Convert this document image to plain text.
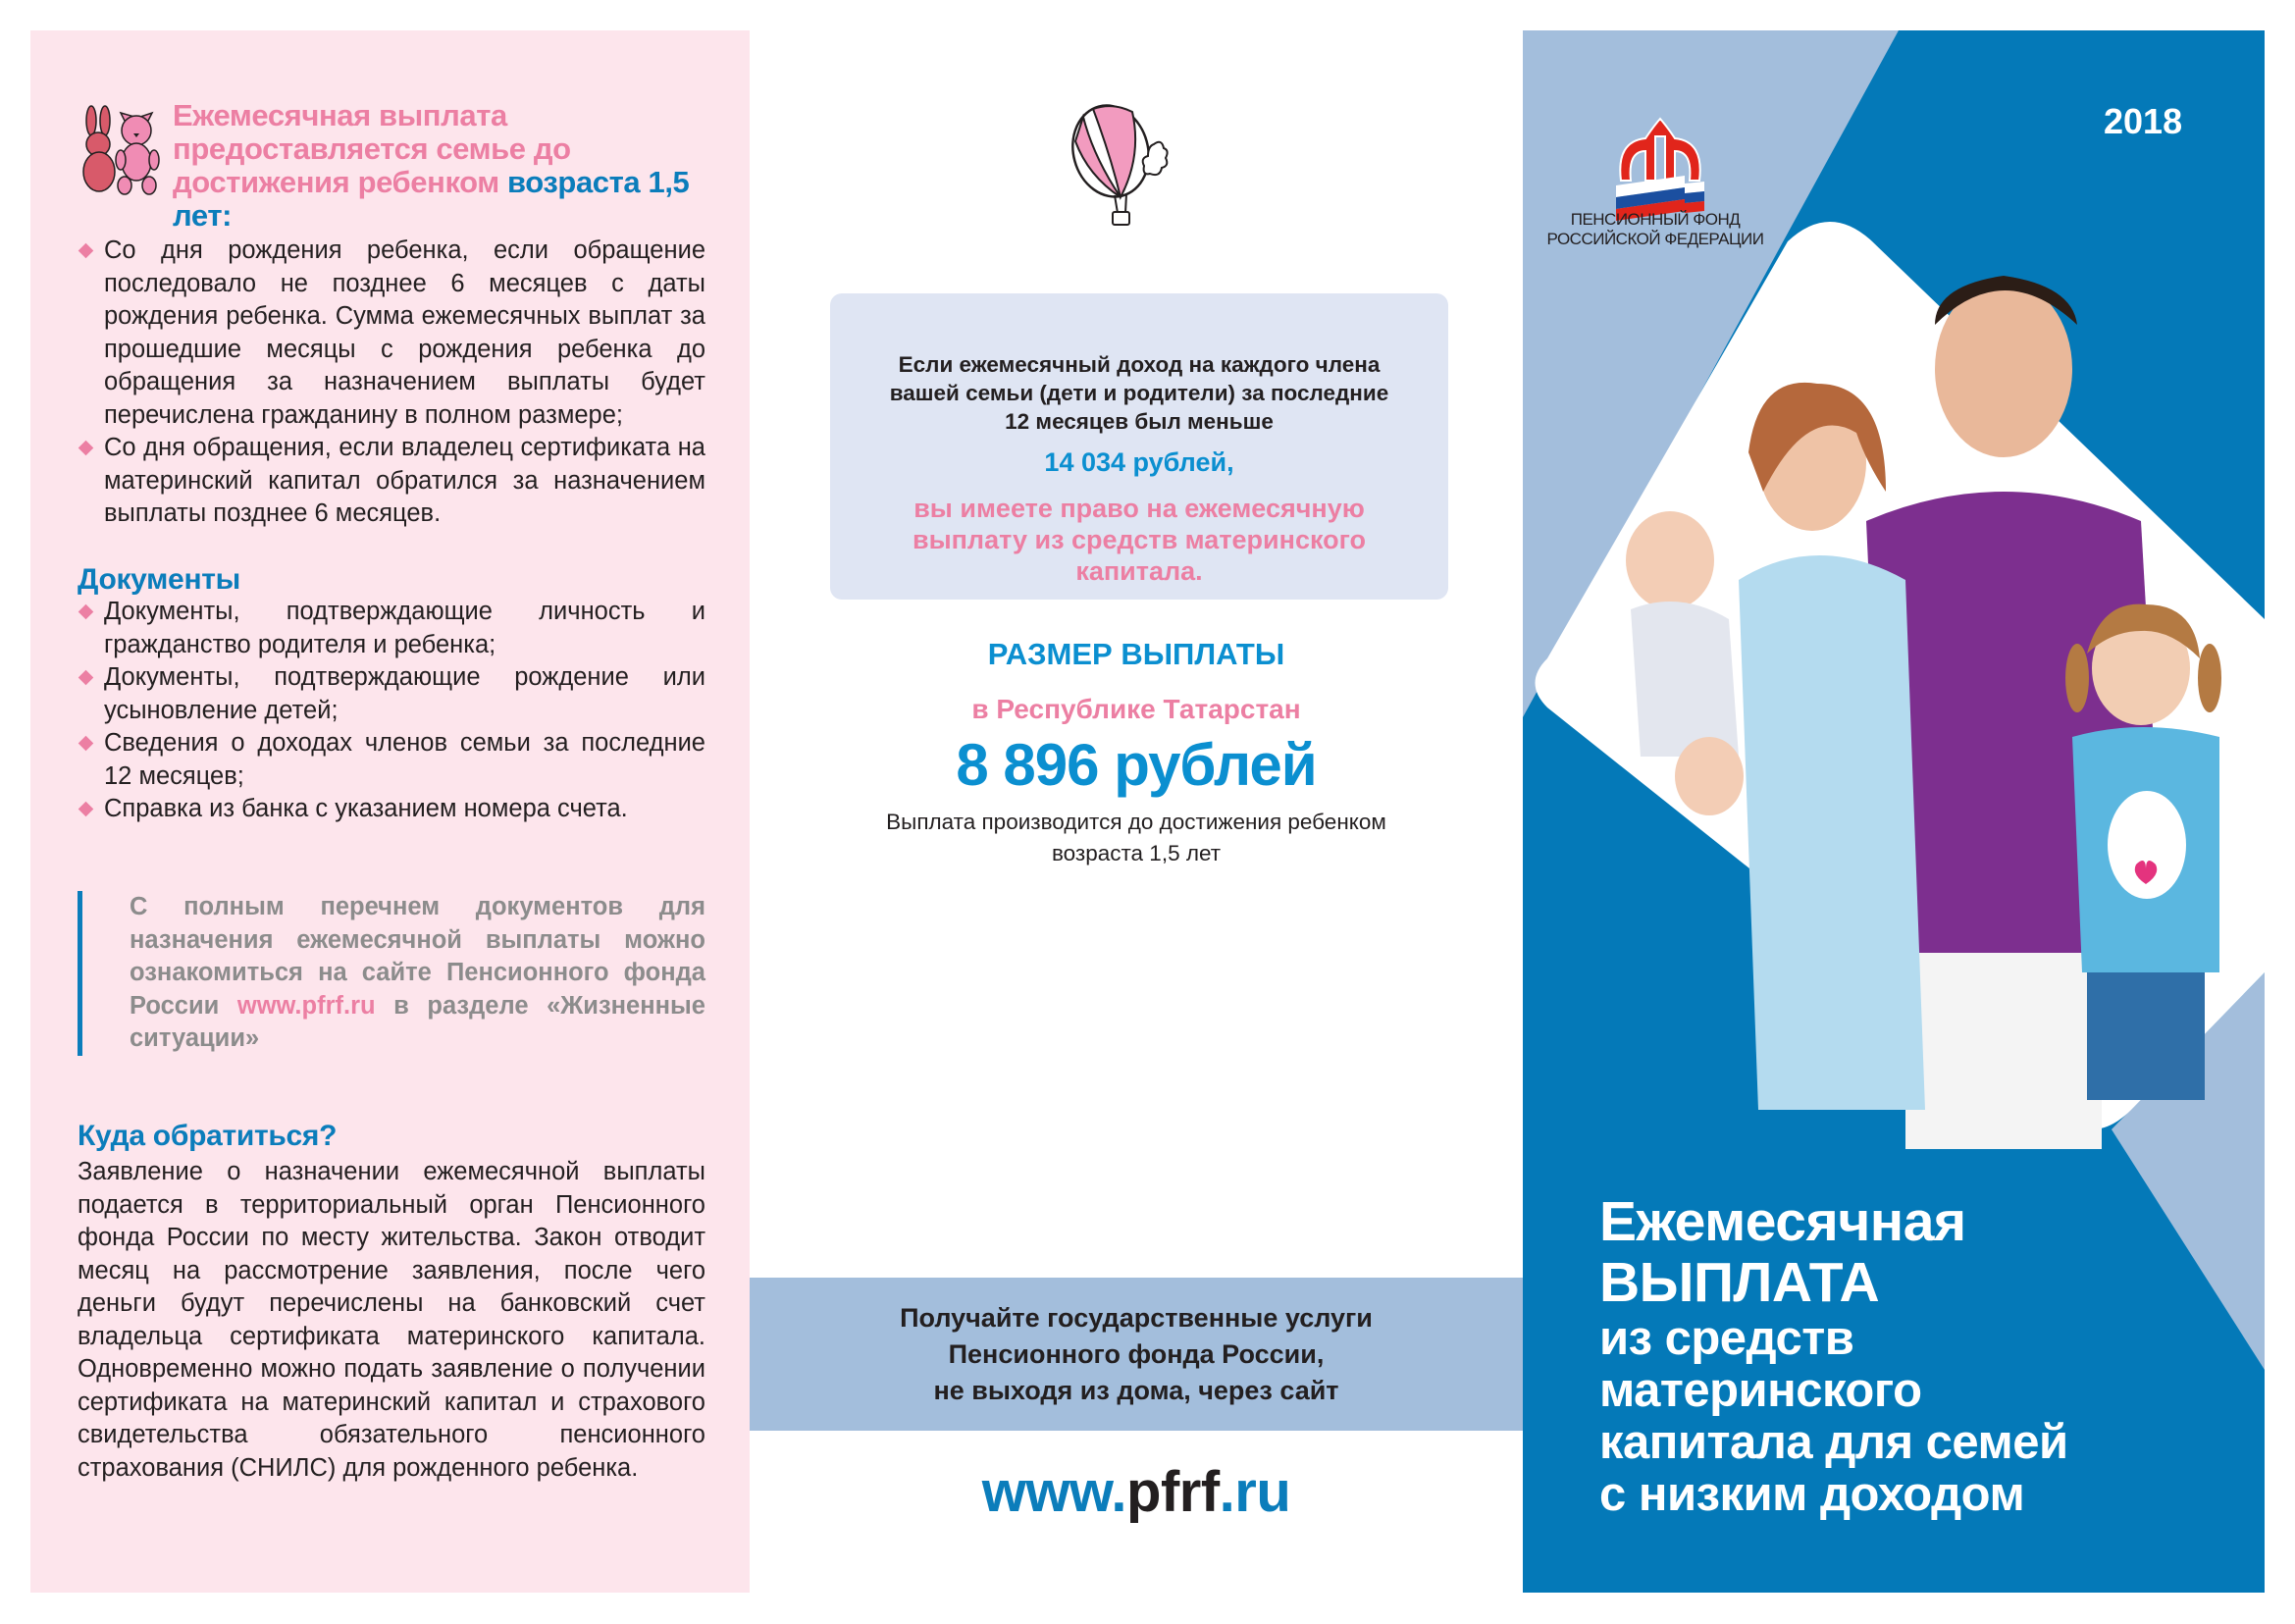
Ежемесячная выплата предоставляется семье до достижения ребенком возраста 1,5 лет:

Со дня рождения ребенка, если обращение последовало не позднее 6 месяцев с даты рождения ребенка. Сумма ежемесячных выплат за прошедшие месяцы с рождения ребенка до обращения за назначением выплаты будет перечислена гражданину в полном размере;
Со дня обращения, если владелец сертификата на материнский капитал обратился за назначением выплаты позднее 6 месяцев.
Документы
Документы, подтверждающие личность и гражданство родителя и ребенка;
Документы, подтверждающие рождение или усыновление детей;
Сведения о доходах членов семьи за последние 12 месяцев;
Справка из банка с указанием номера счета.

С полным перечнем документов для назначения ежемесячной выплаты можно ознакомиться на сайте Пенсионного фонда России www.pfrf.ru в разделе «Жизненные ситуации»

Куда обратиться?

Заявление о назначении ежемесячной выплаты подается в территориальный орган Пенсионного фонда России по месту жительства. Закон отводит месяц на рассмотрение заявления, после чего деньги будут перечислены на банковский счет владельца сертификата материнского капитала. Одновременно можно подать заявление о получении сертификата на материнский капитал и страхового свидетельства обязательного пенсионного страхования (СНИЛС) для рожденного ребенка.

Если ежемесячный доход на каждого члена
вашей семьи (дети и родители) за последние
12 месяцев был меньше
14 034 рублей,
вы имеете право на ежемесячную
выплату из средств материнского
капитала.
РАЗМЕР ВЫПЛАТЫ
в Республике Татарстан
8 896 рублей
Выплата производится до достижения ребенком
возраста 1,5 лет
Получайте государственные услуги
Пенсионного фонда России,
не выходя из дома, через сайт
www.pfrf.ru
ПЕНСИОННЫЙ ФОНД
РОССИЙСКОЙ ФЕДЕРАЦИИ
2018
Ежемесячная
ВЫПЛАТА
из средств
материнского
капитала для семей
с низким доходом
